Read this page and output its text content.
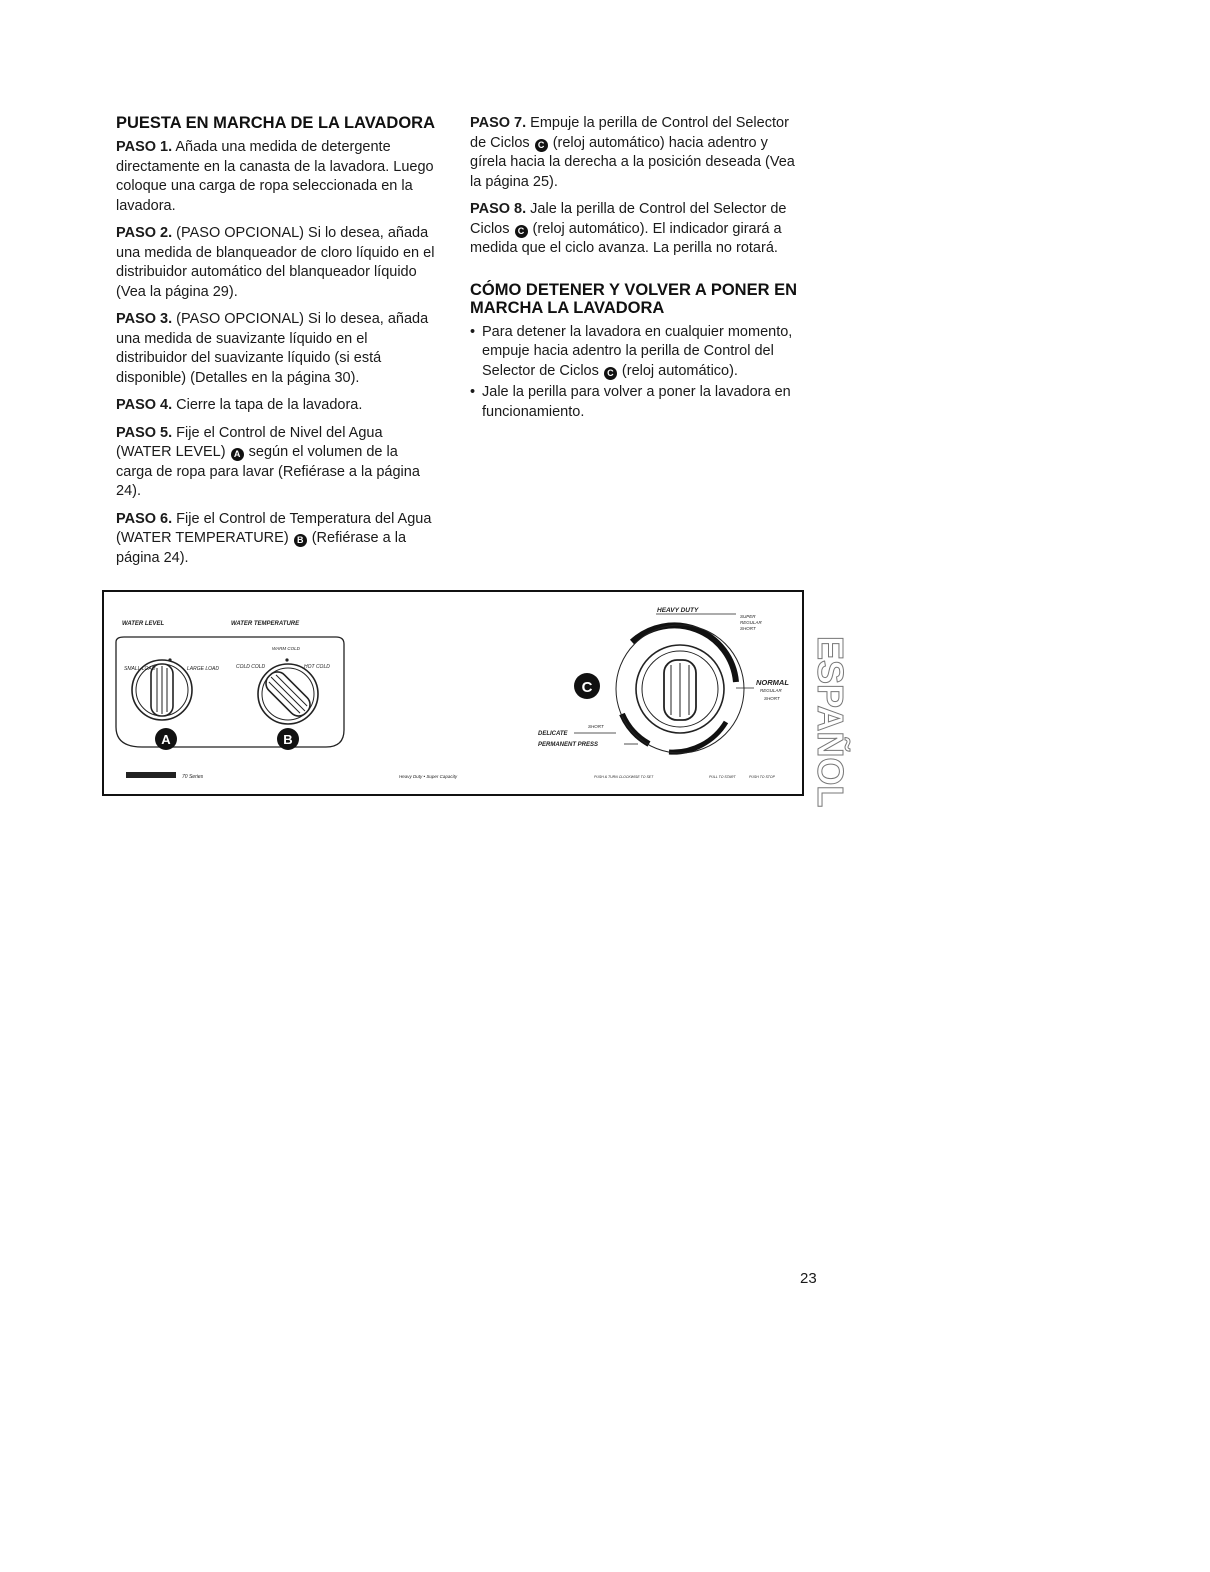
PUESTA EN MARCHA DE LA LAVADORA

PASO 1. Añada una medida de detergente directamente en la canasta de la lavadora. Luego coloque una carga de ropa seleccionada en la lavadora.

PASO 2. (PASO OPCIONAL) Si lo desea, añada una medida de blanqueador de cloro líquido en el distribuidor automático del blanqueador líquido (Vea la página 29).

PASO 3. (PASO OPCIONAL) Si lo desea, añada una medida de suavizante líquido en el distribuidor del suavizante líquido (si está disponible) (Detalles en la página 30).

PASO 4. Cierre la tapa de la lavadora.

PASO 5. Fije el Control de Nivel del Agua (WATER LEVEL) A según el volumen de la carga de ropa para lavar (Refiérase a la página 24).

PASO 6. Fije el Control de Temperatura del Agua (WATER TEMPERATURE) B (Refiérase a la página 24).

PASO 7. Empuje la perilla de Control del Selector de Ciclos C (reloj automático) hacia adentro y gírela hacia la derecha a la posición deseada (Vea la página 25).

PASO 8. Jale la perilla de Control del Selector de Ciclos C (reloj automático). El indicador girará a medida que el ciclo avanza. La perilla no rotará.

CÓMO DETENER Y VOLVER A PONER EN MARCHA LA LAVADORA
• Para detener la lavadora en cualquier momento, empuje hacia adentro la perilla de Control del Selector de Ciclos C (reloj automático).
• Jale la perilla para volver a poner la lavadora en funcionamiento.
WATER LEVEL	WATER TEMPERATURE
SMALL LOAD	LARGE LOAD
WARM COLD
COLD COLD	HOT COLD
A	B
HEAVY DUTY
SUPER
REGULAR
SHORT
NORMAL
REGULAR
SHORT
SHORT
DELICATE
PERMANENT PRESS
C
70 Series	Heavy Duty • Super Capacity	PUSH & TURN CLOCKWISE TO SET	PULL TO START	PUSH TO STOP ESPAÑOL
23
